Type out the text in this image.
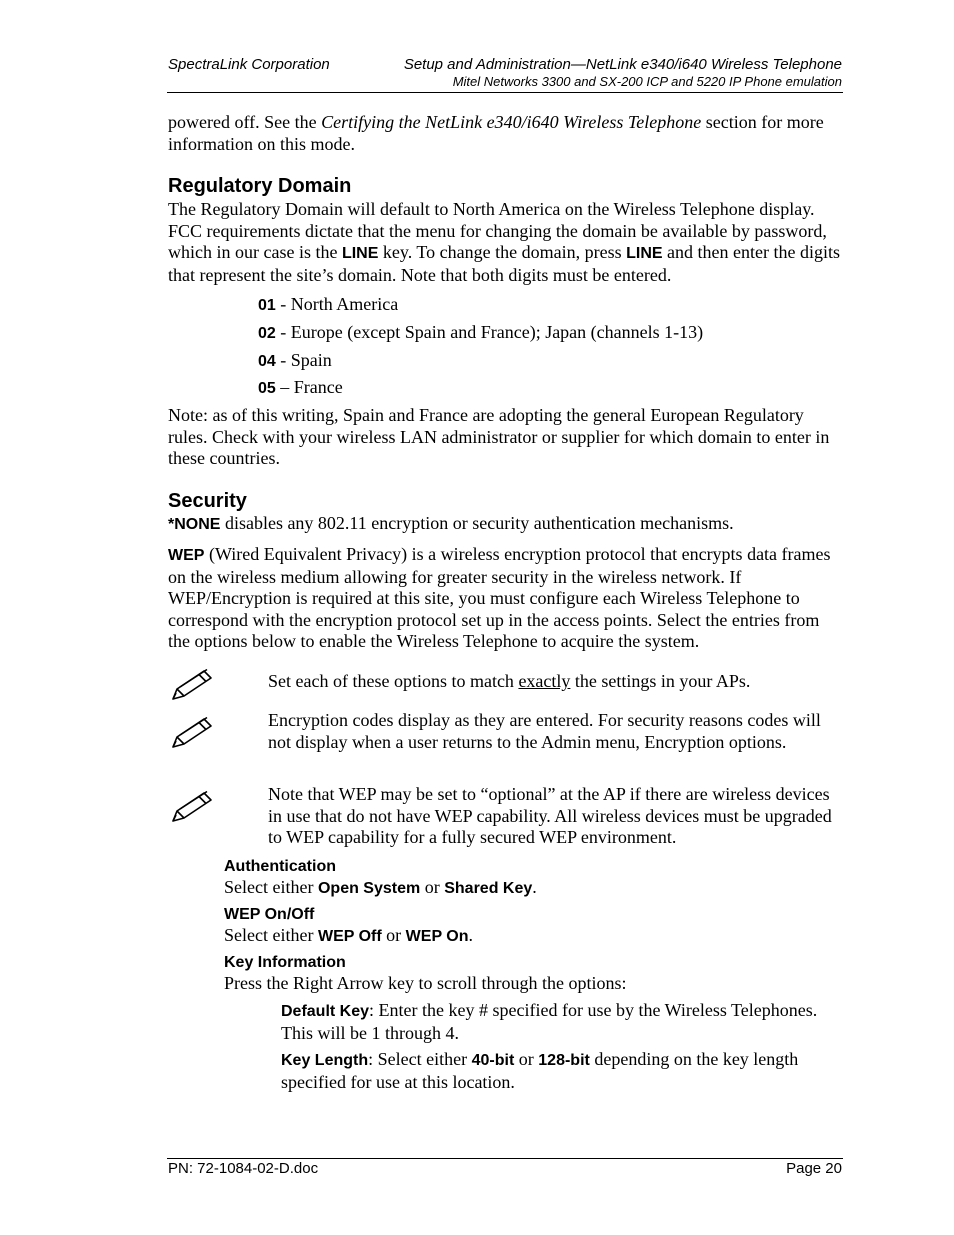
SpectraLink Corporation	Setup and Administration—NetLink e340/i640 Wireless Telephone
Mitel Networks 3300 and SX-200 ICP and 5220 IP Phone emulation
powered off. See the Certifying the NetLink e340/i640 Wireless Telephone section for more information on this mode.
Regulatory Domain
The Regulatory Domain will default to North America on the Wireless Telephone display. FCC requirements dictate that the menu for changing the domain be available by password, which in our case is the LINE key. To change the domain, press LINE and then enter the digits that represent the site’s domain. Note that both digits must be entered.
01 - North America
02 - Europe (except Spain and France); Japan (channels 1-13)
04 - Spain
05 – France
Note: as of this writing, Spain and France are adopting the general European Regulatory rules. Check with your wireless LAN administrator or supplier for which domain to enter in these countries.
Security
*NONE disables any 802.11 encryption or security authentication mechanisms.
WEP (Wired Equivalent Privacy) is a wireless encryption protocol that encrypts data frames on the wireless medium allowing for greater security in the wireless network. If WEP/Encryption is required at this site, you must configure each Wireless Telephone to correspond with the encryption protocol set up in the access points. Select the entries from the options below to enable the Wireless Telephone to acquire the system.
Set each of these options to match exactly the settings in your APs.
Encryption codes display as they are entered. For security reasons codes will not display when a user returns to the Admin menu, Encryption options.
Note that WEP may be set to “optional” at the AP if there are wireless devices in use that do not have WEP capability. All wireless devices must be upgraded to WEP capability for a fully secured WEP environment.
Authentication
Select either Open System or Shared Key.
WEP On/Off
Select either WEP Off or WEP On.
Key Information
Press the Right Arrow key to scroll through the options:
Default Key: Enter the key # specified for use by the Wireless Telephones. This will be 1 through 4.
Key Length: Select either 40-bit or 128-bit depending on the key length specified for use at this location.
PN: 72-1084-02-D.doc	Page 20
